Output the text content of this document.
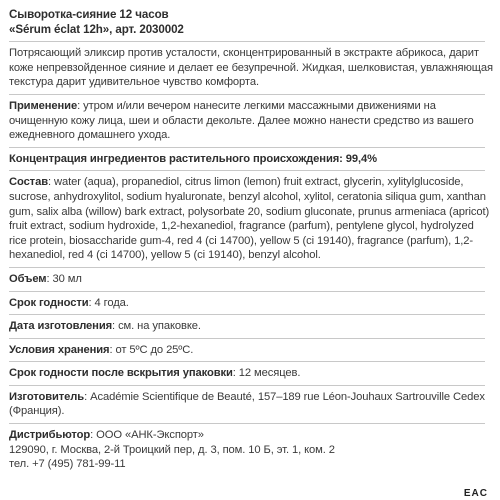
Сыворотка-сияние 12 часов

«Sérum éclat 12h», арт. 2030002

Потрясающий эликсир против усталости, сконцентрированный в экстракте абрикоса, дарит коже непревзойденное сияние и делает ее безупречной. Жидкая, шелковистая, увлажняющая текстура дарит удивительное чувство комфорта.

Применение: утром и/или вечером нанесите легкими массажными движениями на очищенную кожу лица, шеи и области декольте. Далее можно нанести средство из вашего ежедневного домашнего ухода.

Концентрация ингредиентов растительного происхождения: 99,4%

Состав: water (aqua), propanediol, citrus limon (lemon) fruit extract, glycerin, xylitylglucoside, sucrose, anhydroxylitol, sodium hyaluronate, benzyl alcohol, xylitol, ceratonia siliqua gum, xanthan gum, salix alba (willow) bark extract, polysorbate 20, sodium gluconate, prunus armeniaca (apricot) fruit extract, sodium hydroxide, 1,2-hexanediol, fragrance (parfum), pentylene glycol, hydrolyzed rice protein, biosaccharide gum-4, red 4 (ci 14700), yellow 5 (ci 19140), fragrance (parfum), 1,2-hexanediol, red 4 (ci 14700), yellow 5 (ci 19140), benzyl alcohol.

Объем: 30 мл

Срок годности: 4 года.

Дата изготовления: см. на упаковке.

Условия хранения: от 5ºС до 25ºС.

Срок годности после вскрытия упаковки: 12 месяцев.

Изготовитель: Académie Scientifique de Beauté, 157–189 rue Léon-Jouhaux Sartrouville Cedex (Франция).

Дистрибьютор: ООО «АНК-Экспорт»

129090, г. Москва, 2-й Троицкий пер, д. 3, пом. 10 Б, эт. 1, ком. 2

тел. +7 (495) 781-99-11

EAC
